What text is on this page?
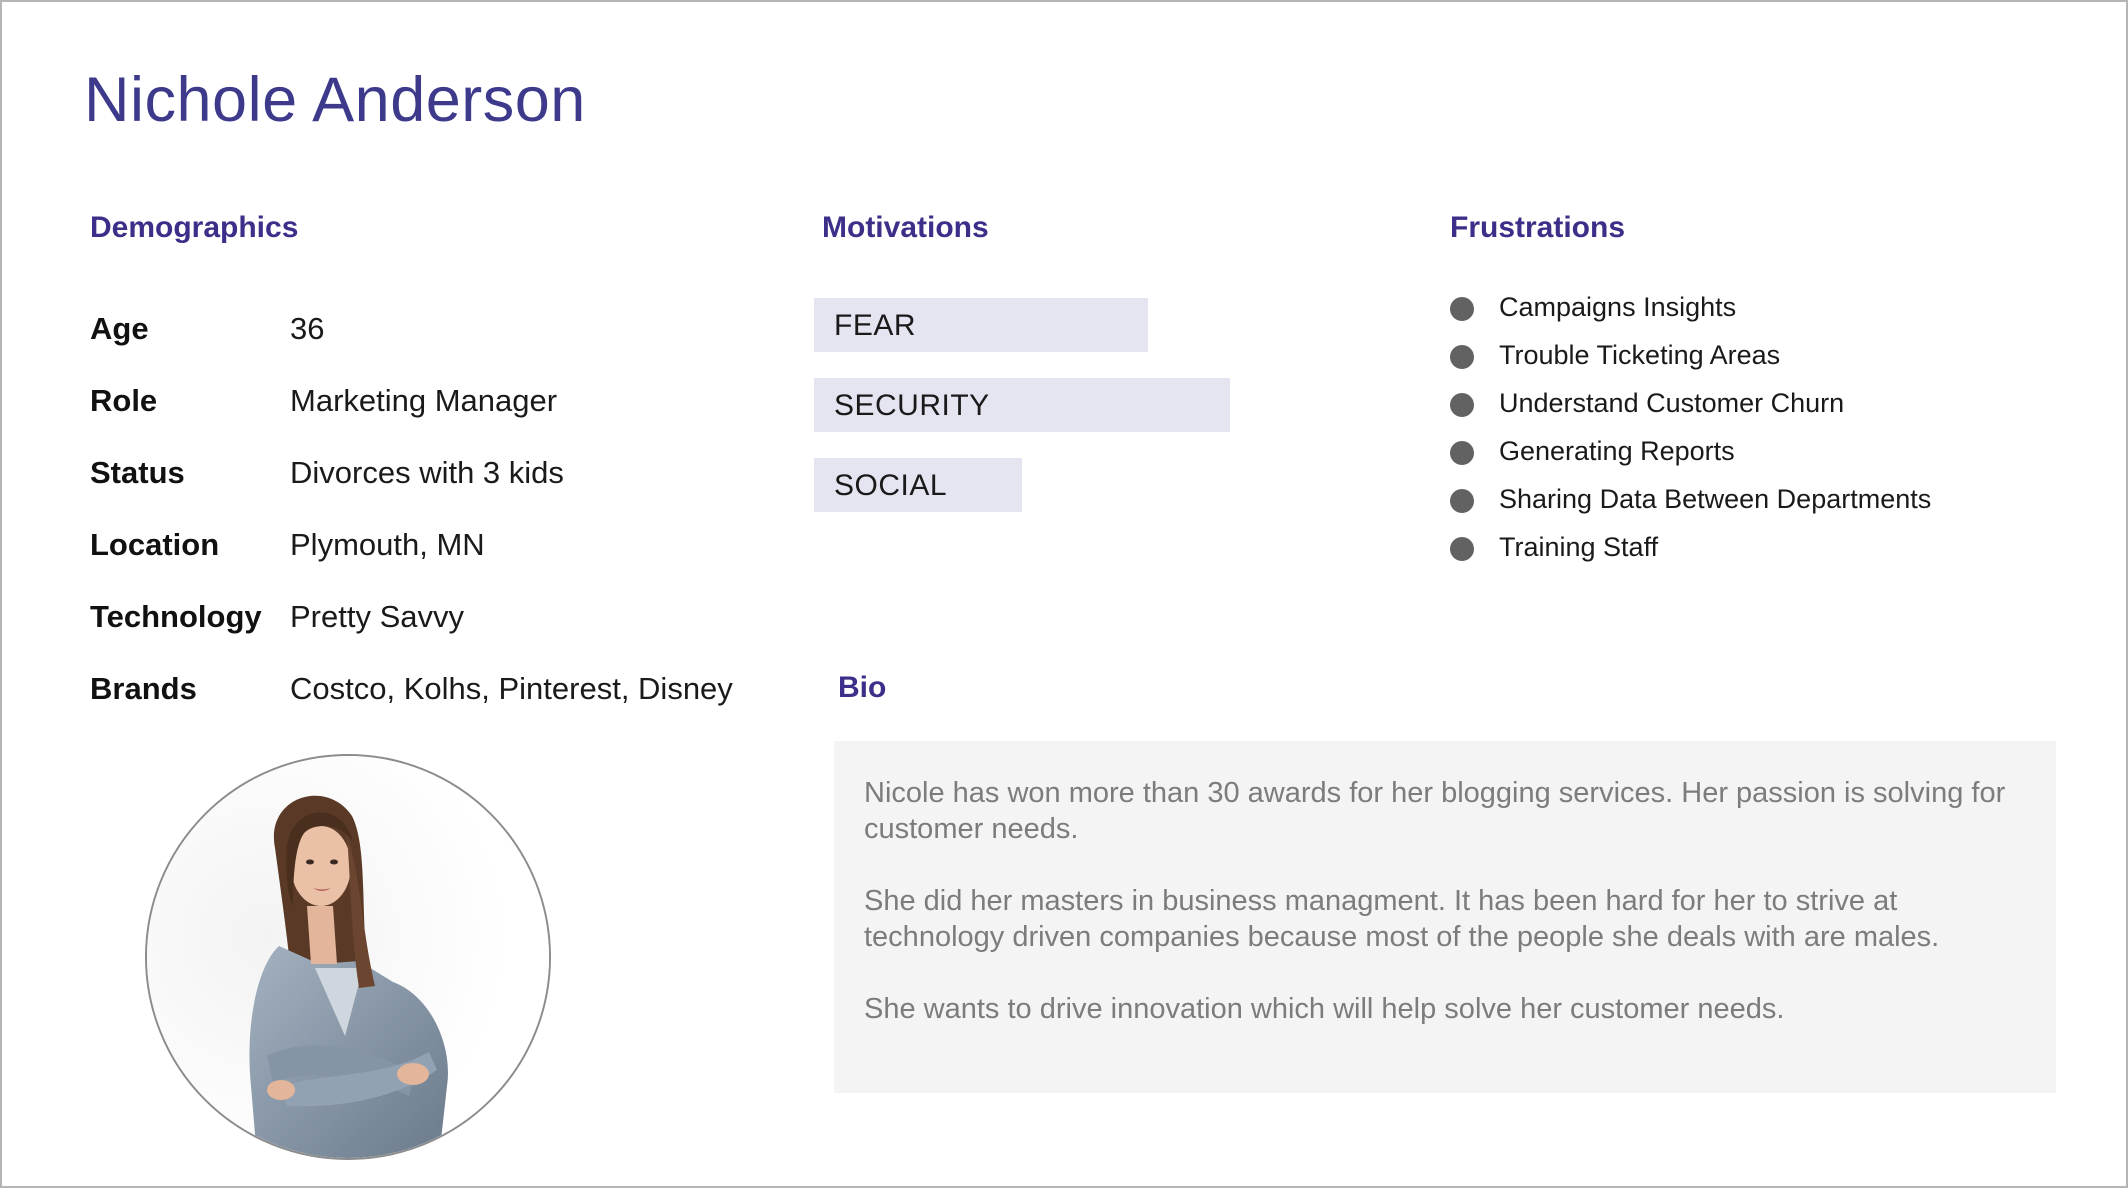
Nichole Anderson
Demographics
Age	36
Role	Marketing Manager
Status	Divorces with 3 kids
Location Plymouth, MN
Technology Pretty Savvy
Brands	Costco, Kolhs, Pinterest, Disney
Motivations
FEAR
SECURITY
SOCIAL
Frustrations
Campaigns Insights
Trouble Ticketing Areas
Understand Customer Churn
Generating Reports
Sharing Data Between Departments
Training Staff
Bio

Nicole has won more than 30 awards for her blogging services. Her passion is solving for customer needs.

She did her masters in business managment. It has been hard for her to strive at technology driven companies because most of the people she deals with are males.

She wants to drive innovation which will help solve her customer needs.
